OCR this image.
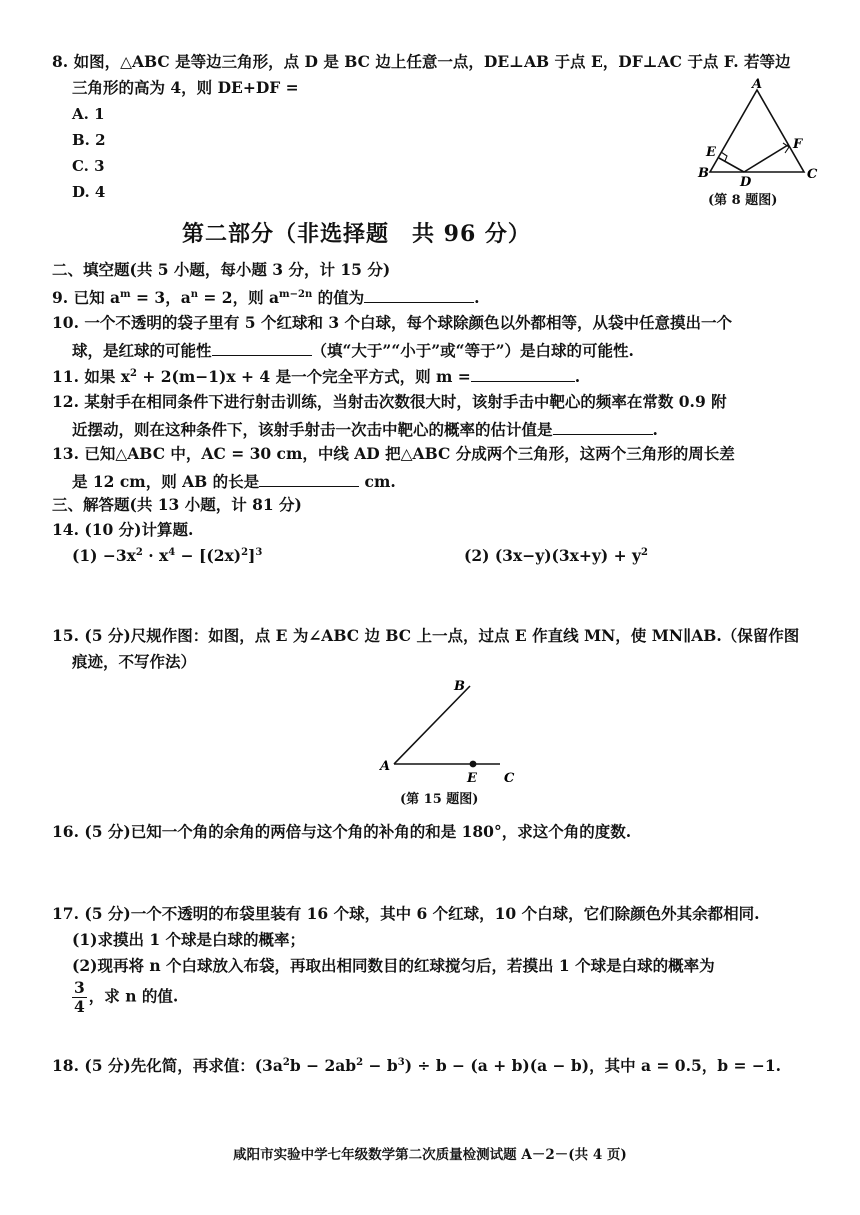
8. 如图，△ABC 是等边三角形，点 D 是 BC 边上任意一点，DE⊥AB 于点 E，DF⊥AC 于点 F. 若等边
三角形的高为 4，则 DE+DF =
A. 1
B. 2
C. 3
D. 4
A
E
F
B
D
C
(第 8 题图)
第二部分（非选择题　共 96 分）
二、填空题(共 5 小题，每小题 3 分，计 15 分)
9. 已知 $a^m = 3$，$a^n = 2$，则 $a^{m-2n}$ 的值为	.
10. 一个不透明的袋子里有 5 个红球和 3 个白球，每个球除颜色以外都相等，从袋中任意摸出一个
球，是红球的可能性	（填“大于”“小于”或“等于”）是白球的可能性.
11. 如果 $x^2 + 2(m-1)x + 4$ 是一个完全平方式，则 m =	.
12. 某射手在相同条件下进行射击训练，当射击次数很大时，该射手击中靶心的频率在常数 0.9 附
近摆动，则在这种条件下，该射手射击一次击中靶心的概率的估计值是	.
13. 已知△ABC 中，AC = 30 cm，中线 AD 把△ABC 分成两个三角形，这两个三角形的周长差
是 12 cm，则 AB 的长是	cm.
三、解答题(共 13 小题，计 81 分)
14. (10 分)计算题.
$(1) -3x^2 \cdot x^4 - [(2x)^2]^3$	(2) $(3x-y)(3x+y) + y^2$
15. (5 分)尺规作图：如图，点 E 为∠ABC 边 BC 上一点，过点 E 作直线 MN，使 MN∥AB.（保留作图
痕迹，不写作法）
B
A
E C
(第 15 题图)
16. (5 分)已知一个角的余角的两倍与这个角的补角的和是 180°，求这个角的度数.
17. (5 分)一个不透明的布袋里装有 16 个球，其中 6 个红球，10 个白球，它们除颜色外其余都相同.
(1)求摸出 1 个球是白球的概率；
(2)现再将 n 个白球放入布袋，再取出相同数目的红球搅匀后，若摸出 1 个球是白球的概率为
$\frac{3}{4}$ ，求 n 的值.
18. (5 分)先化简，再求值：$(3a^2b - 2ab^2 - b^3) \div b - (a + b)(a - b)$，其中 a = 0.5，b = −1.
咸阳市实验中学七年级数学第二次质量检测试题 A－2－(共 4 页)
